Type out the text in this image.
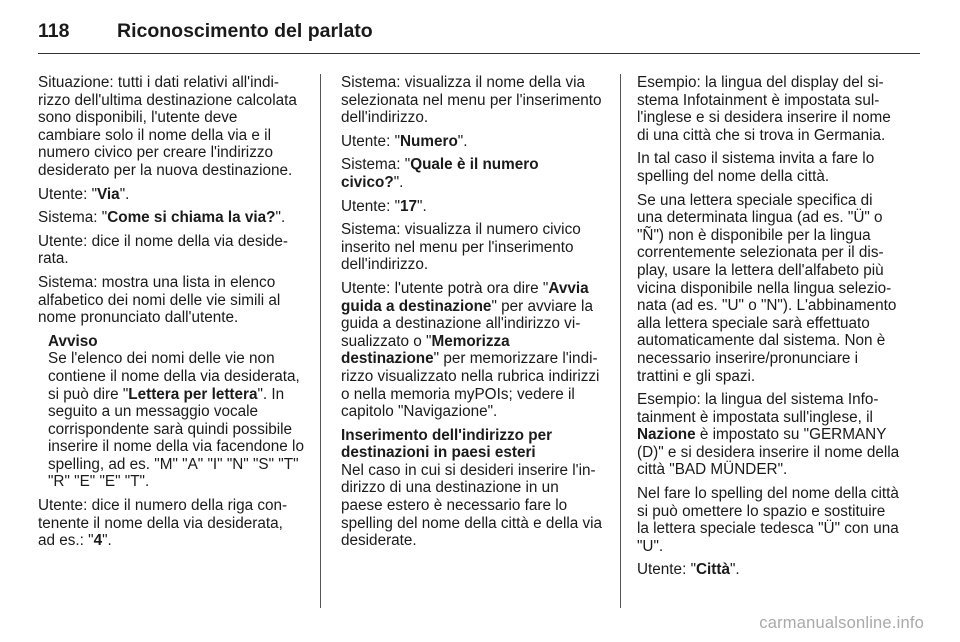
118 Riconoscimento del parlato

Situazione: tutti i dati relativi all'indirizzo dell'ultima destinazione calcolata sono disponibili, l'utente deve cambiare solo il nome della via e il numero civico per creare l'indirizzo desiderato per la nuova destinazione.

Utente: "Via".

Sistema: "Come si chiama la via?".

Utente: dice il nome della via desiderata.

Sistema: mostra una lista in elenco alfabetico dei nomi delle vie simili al nome pronunciato dall'utente.

Avviso
Se l'elenco dei nomi delle vie non contiene il nome della via desiderata, si può dire "Lettera per lettera". In seguito a un messaggio vocale corrispondente sarà quindi possibile inserire il nome della via facendone lo spelling, ad es. "M" "A" "I" "N" "S" "T" "R" "E" "E" "T".

Utente: dice il numero della riga contenente il nome della via desiderata, ad es.: "4".

Sistema: visualizza il nome della via selezionata nel menu per l'inserimento dell'indirizzo.

Utente: "Numero".

Sistema: "Quale è il numero civico?".

Utente: "17".

Sistema: visualizza il numero civico inserito nel menu per l'inserimento dell'indirizzo.

Utente: l'utente potrà ora dire "Avvia guida a destinazione" per avviare la guida a destinazione all'indirizzo visualizzato o "Memorizza destinazione" per memorizzare l'indirizzo visualizzato nella rubrica indirizzi o nella memoria myPOIs; vedere il capitolo "Navigazione".

Inserimento dell'indirizzo per destinazioni in paesi esteri

Nel caso in cui si desideri inserire l'indirizzo di una destinazione in un paese estero è necessario fare lo spelling del nome della città e della via desiderate.

Esempio: la lingua del display del sistema Infotainment è impostata sull'inglese e si desidera inserire il nome di una città che si trova in Germania.

In tal caso il sistema invita a fare lo spelling del nome della città.

Se una lettera speciale specifica di una determinata lingua (ad es. "Ü" o "Ñ") non è disponibile per la lingua correntemente selezionata per il display, usare la lettera dell'alfabeto più vicina disponibile nella lingua selezionata (ad es. "U" o "N"). L'abbinamento alla lettera speciale sarà effettuato automaticamente dal sistema. Non è necessario inserire/pronunciare i trattini e gli spazi.

Esempio: la lingua del sistema Infotainment è impostata sull'inglese, il Nazione è impostato su "GERMANY (D)" e si desidera inserire il nome della città "BAD MÜNDER".

Nel fare lo spelling del nome della città si può omettere lo spazio e sostituire la lettera speciale tedesca "Ü" con una "U".

Utente: "Città".

carmanualsonline.info
